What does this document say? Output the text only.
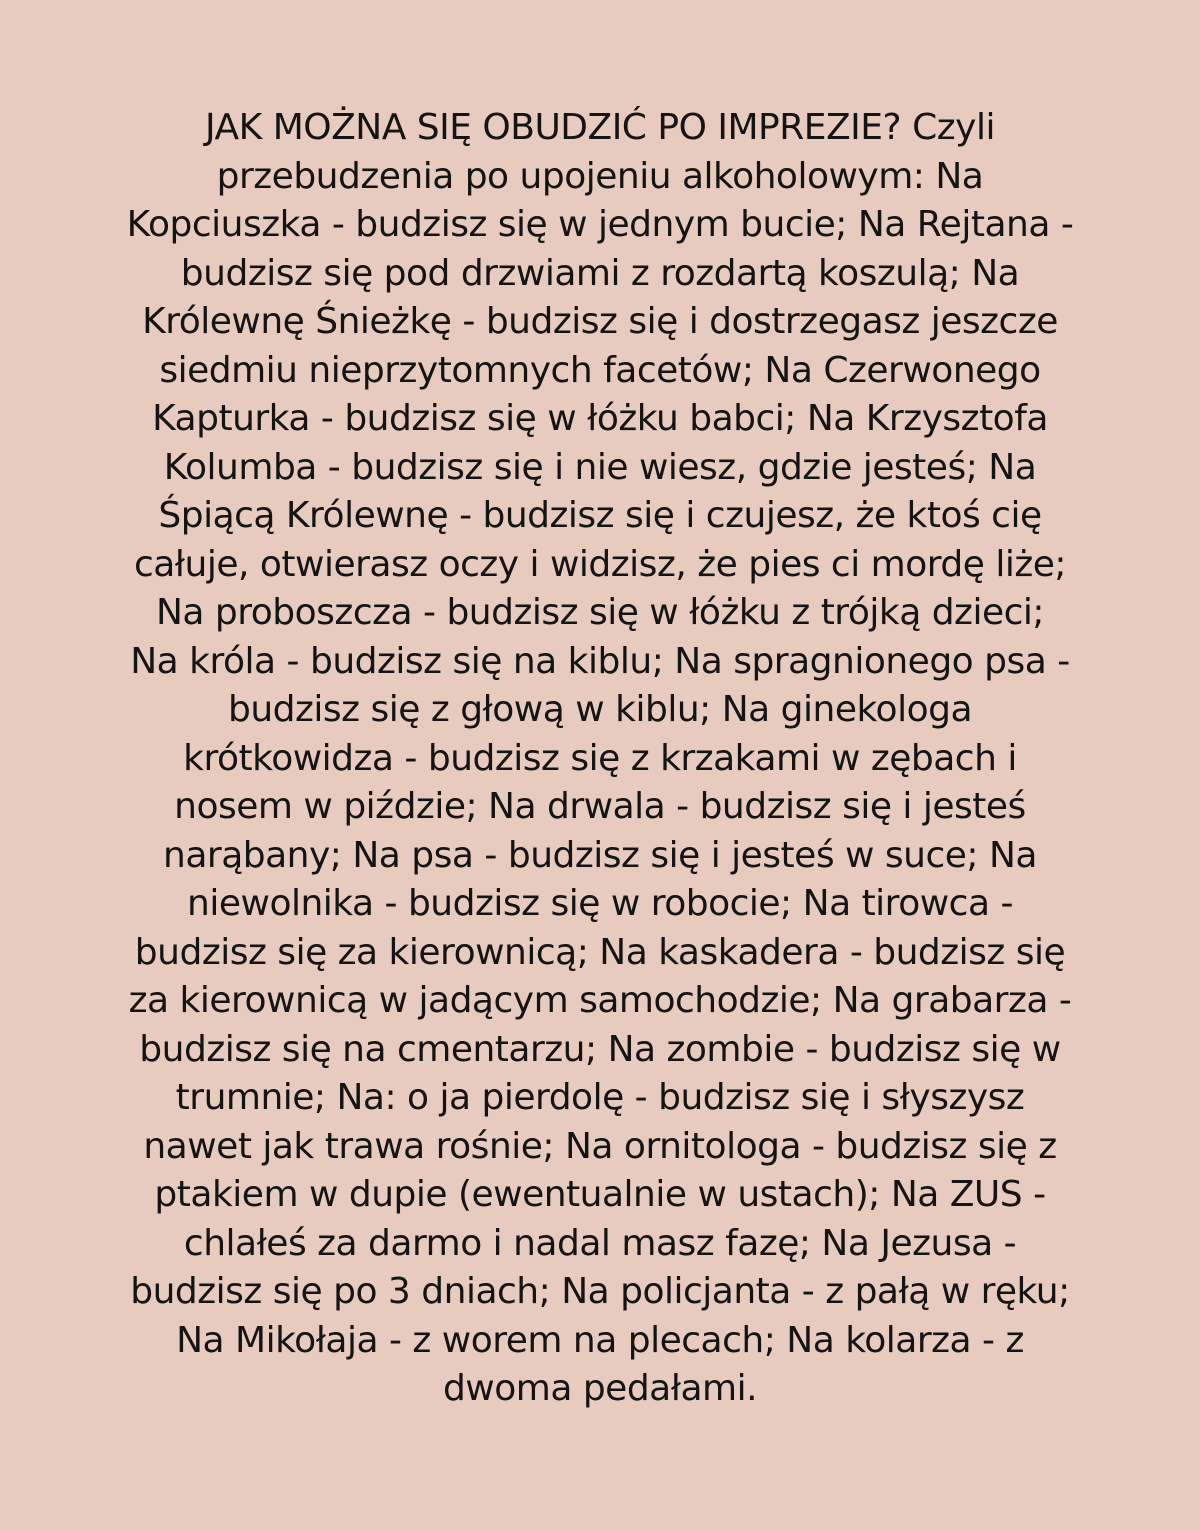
JAK MOŻNA SIĘ OBUDZIĆ PO IMPREZIE? Czyli
przebudzenia po upojeniu alkoholowym: Na
Kopciuszka - budzisz się w jednym bucie; Na Rejtana -
budzisz się pod drzwiami z rozdartą koszulą; Na
Królewnę Śnieżkę - budzisz się i dostrzegasz jeszcze
siedmiu nieprzytomnych facetów; Na Czerwonego
Kapturka - budzisz się w łóżku babci; Na Krzysztofa
Kolumba - budzisz się i nie wiesz, gdzie jesteś; Na
Śpiącą Królewnę - budzisz się i czujesz, że ktoś cię
całuje, otwierasz oczy i widzisz, że pies ci mordę liże;
Na proboszcza - budzisz się w łóżku z trójką dzieci;
Na króla - budzisz się na kiblu; Na spragnionego psa -
budzisz się z głową w kiblu; Na ginekologa
krótkowidza - budzisz się z krzakami w zębach i
nosem w piździe; Na drwala - budzisz się i jesteś
narąbany; Na psa - budzisz się i jesteś w suce; Na
niewolnika - budzisz się w robocie; Na tirowca -
budzisz się za kierownicą; Na kaskadera - budzisz się
za kierownicą w jadącym samochodzie; Na grabarza -
budzisz się na cmentarzu; Na zombie - budzisz się w
trumnie; Na: o ja pierdolę - budzisz się i słyszysz
nawet jak trawa rośnie; Na ornitologa - budzisz się z
ptakiem w dupie (ewentualnie w ustach); Na ZUS -
chlałeś za darmo i nadal masz fazę; Na Jezusa -
budzisz się po 3 dniach; Na policjanta - z pałą w ręku;
Na Mikołaja - z worem na plecach; Na kolarza - z
dwoma pedałami.
